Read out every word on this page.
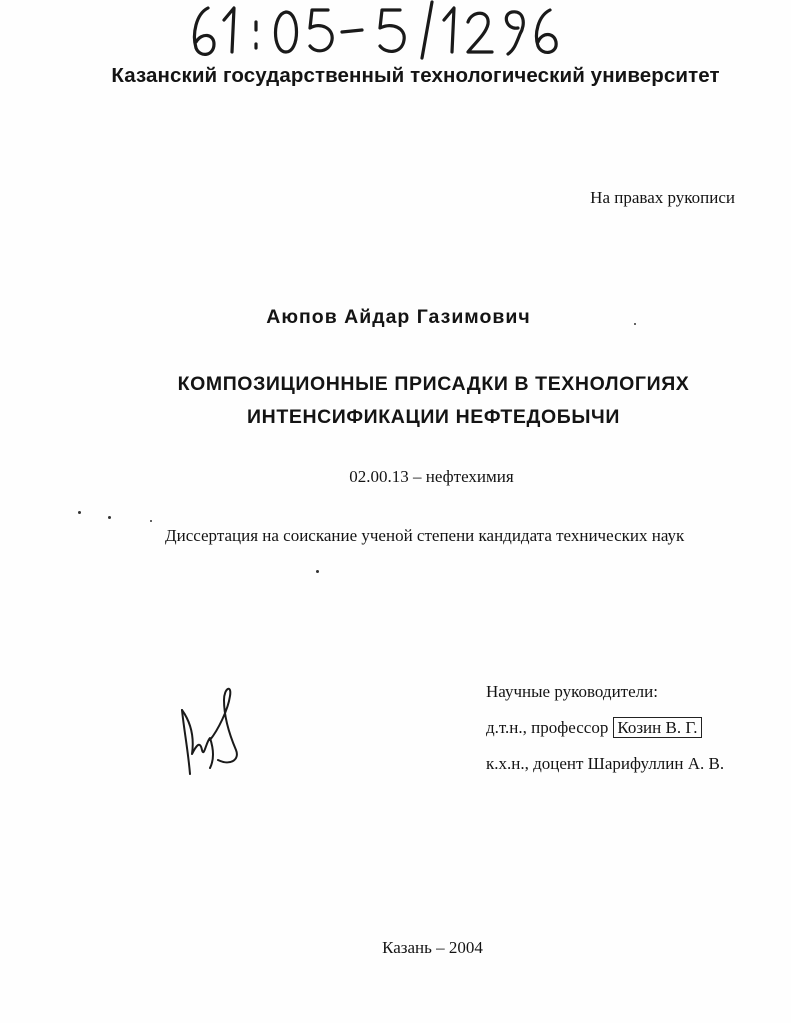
Казанский государственный технологический университет
На правах рукописи
Аюпов Айдар Газимович
КОМПОЗИЦИОННЫЕ ПРИСАДКИ В ТЕХНОЛОГИЯХ
ИНТЕНСИФИКАЦИИ НЕФТЕДОБЫЧИ
02.00.13 – нефтехимия
Диссертация на соискание ученой степени кандидата технических наук
Научные руководители:
д.т.н., профессор Козин В. Г.
к.х.н., доцент Шарифуллин А. В.
Казань – 2004
